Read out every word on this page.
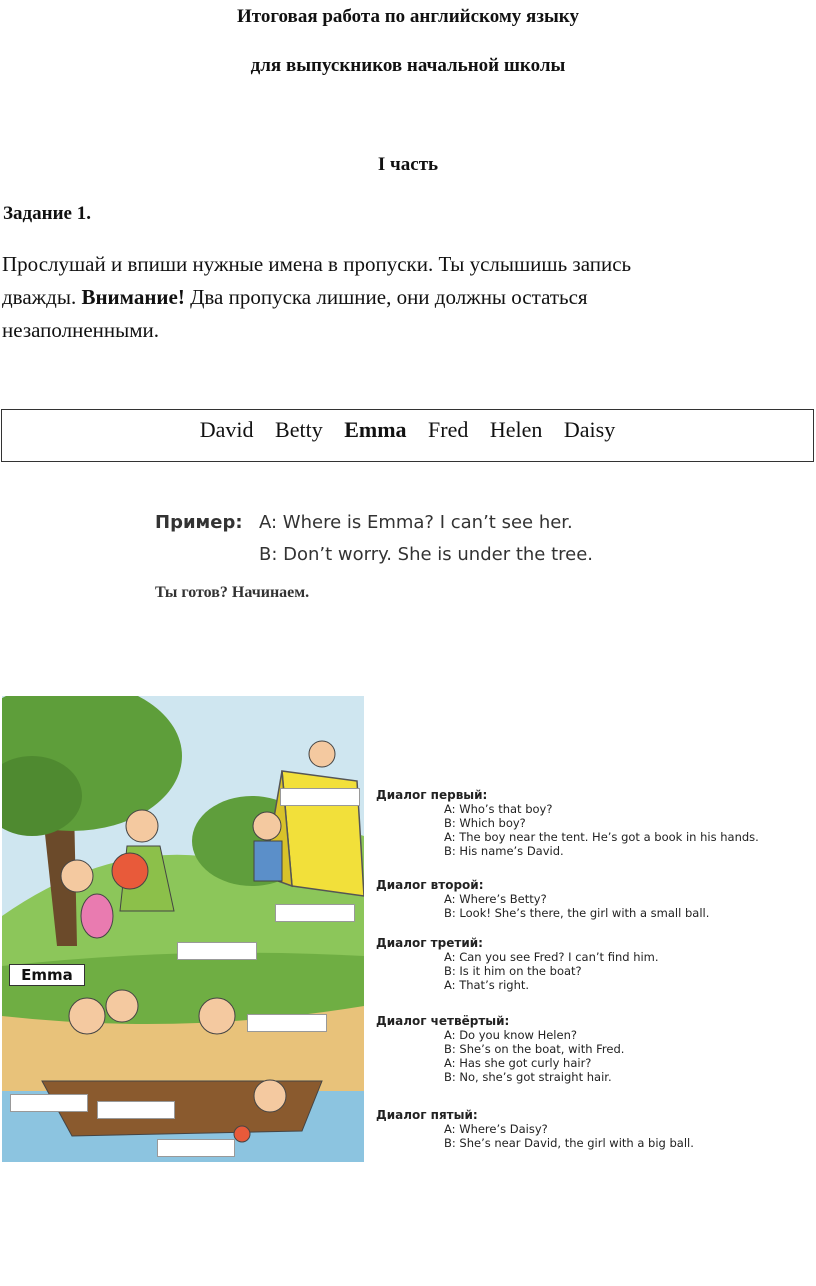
Итоговая работа по английскому языку
для выпускников начальной школы
I часть
Задание 1.
Прослушай и впиши нужные имена в пропуски. Ты услышишь запись
дважды. Внимание! Два пропуска лишние, они должны остаться
незаполненными.
David Betty Emma Fred Helen Daisy
Пример: A: Where is Emma? I can’t see her.
B: Don’t worry. She is under the tree.
Ты готов? Начинаем.
Emma
Диалог первый:
A: Who’s that boy?
B: Which boy?
A: The boy near the tent. He’s got a book in his hands.
B: His name’s David.
Диалог второй:
A: Where’s Betty?
B: Look! She’s there, the girl with a small ball.
Диалог третий:
A: Can you see Fred? I can’t find him.
B: Is it him on the boat?
A: That’s right.
Диалог четвёртый:
A: Do you know Helen?
B: She’s on the boat, with Fred.
A: Has she got curly hair?
B: No, she’s got straight hair.
Диалог пятый:
A: Where’s Daisy?
B: She’s near David, the girl with a big ball.
